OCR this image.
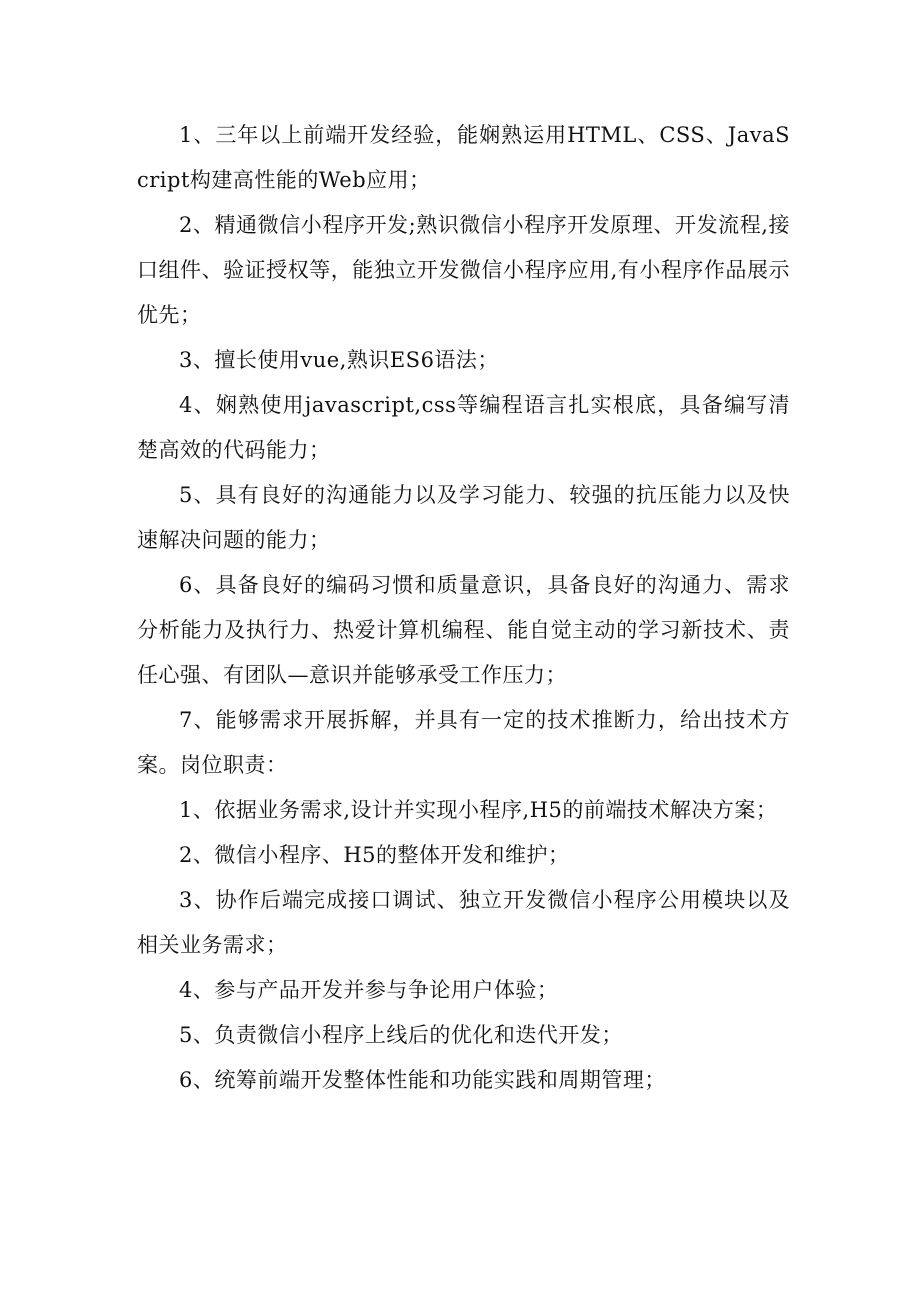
1、三年以上前端开发经验，能娴熟运用HTML、CSS、JavaScript构建高性能的Web应用；

2、精通微信小程序开发;熟识微信小程序开发原理、开发流程,接口组件、验证授权等，能独立开发微信小程序应用,有小程序作品展示优先；

3、擅长使用vue,熟识ES6语法；

4、娴熟使用javascript,css等编程语言扎实根底，具备编写清楚高效的代码能力；

5、具有良好的沟通能力以及学习能力、较强的抗压能力以及快速解决问题的能力；

6、具备良好的编码习惯和质量意识，具备良好的沟通力、需求分析能力及执行力、热爱计算机编程、能自觉主动的学习新技术、责任心强、有团队—意识并能够承受工作压力；

7、能够需求开展拆解，并具有一定的技术推断力，给出技术方案。岗位职责：

1、依据业务需求,设计并实现小程序,H5的前端技术解决方案；

2、微信小程序、H5的整体开发和维护；

3、协作后端完成接口调试、独立开发微信小程序公用模块以及相关业务需求；

4、参与产品开发并参与争论用户体验；

5、负责微信小程序上线后的优化和迭代开发；

6、统筹前端开发整体性能和功能实践和周期管理；
